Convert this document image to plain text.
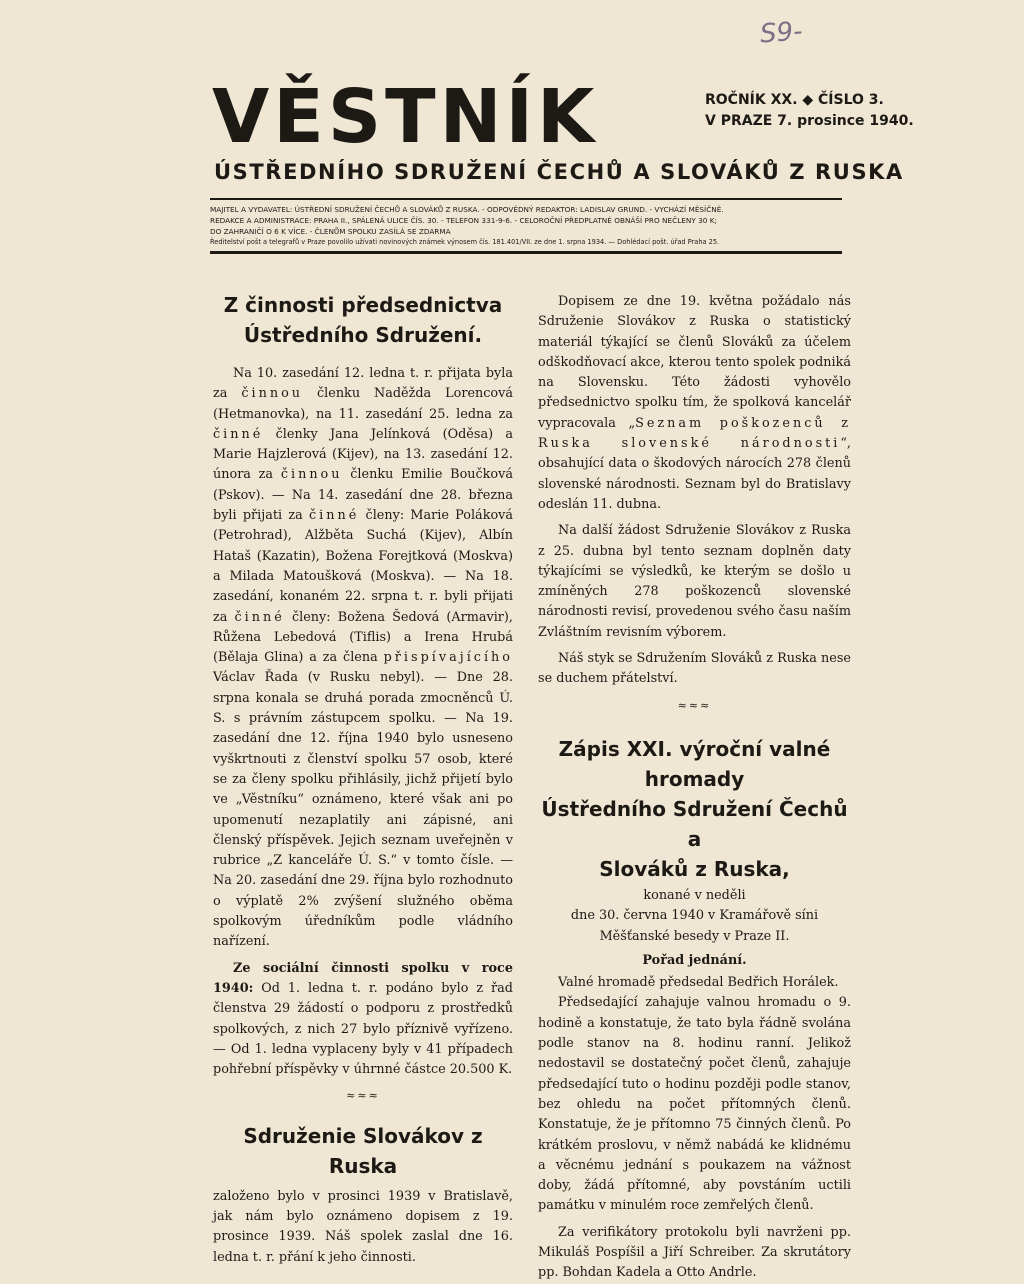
S9-
VĚSTNÍK	ROČNÍK XX. ◆ ČÍSLO 3.
V PRAZE 7. prosince 1940.
ÚSTŘEDNÍHO SDRUŽENÍ ČECHŮ A SLOVÁKŮ Z RUSKA
MAJITEL A VYDAVATEL: ÚSTŘEDNÍ SDRUŽENÍ ČECHŮ A SLOVÁKŮ Z RUSKA. - ODPOVĚDNÝ REDAKTOR: LADISLAV GRUND. - VYCHÁZÍ MĚSÍČNĚ.
REDAKCE A ADMINISTRACE: PRAHA II., SPÁLENÁ ULICE ČÍS. 30. - TELEFON 331-9-6. - CELOROČNÍ PŘEDPLATNÉ OBNÁŠÍ PRO NEČLENY 30 K;
DO ZAHRANIČÍ O 6 K VÍCE. - ČLENŮM SPOLKU ZASÍLÁ SE ZDARMA
Ředitelství pošt a telegrafů v Praze povolilo užívati novinových známek výnosem čís. 181.401/VII. ze dne 1. srpna 1934. — Dohlédací pošt. úřad Praha 25.
Z činnosti předsednictva
Ústředního Sdružení.

Na 10. zasedání 12. ledna t. r. přijata byla za činnou členku Naděžda Lorencová (Hetmanovka), na 11. zasedání 25. ledna za činné členky Jana Jelínková (Oděsa) a Marie Hajzlerová (Kijev), na 13. zasedání 12. února za činnou členku Emilie Boučková (Pskov). — Na 14. zasedání dne 28. března byli přijati za činné členy: Marie Poláková (Petrohrad), Alžběta Suchá (Kijev), Albín Hataš (Kazatin), Božena Forejtková (Moskva) a Milada Matoušková (Moskva). — Na 18. zasedání, konaném 22. srpna t. r. byli přijati za činné členy: Božena Šedová (Armavir), Růžena Lebedová (Tiflis) a Irena Hrubá (Bělaja Glina) a za člena přispívajícího Václav Řada (v Rusku nebyl). — Dne 28. srpna konala se druhá porada zmocněnců Ú. S. s právním zástupcem spolku. — Na 19. zasedání dne 12. října 1940 bylo usneseno vyškrtnouti z členství spolku 57 osob, které se za členy spolku přihlásily, jichž přijetí bylo ve „Věstníku“ oznámeno, které však ani po upomenutí nezaplatily ani zápisné, ani členský příspěvek. Jejich seznam uveřejněn v rubrice „Z kanceláře Ú. S.“ v tomto čísle. — Na 20. zasedání dne 29. října bylo rozhodnuto o výplatě 2% zvýšení služného oběma spolkovým úředníkům podle vládního nařízení.

Ze sociální činnosti spolku v roce 1940: Od 1. ledna t. r. podáno bylo z řad členstva 29 žádostí o podporu z prostředků spolkových, z nich 27 bylo příznivě vyřízeno. — Od 1. ledna vyplaceny byly v 41 případech pohřební příspěvky v úhrnné částce 20.500 K.

≈≈≈

Sdruženie Slovákov z Ruska

založeno bylo v prosinci 1939 v Bratislavě, jak nám bylo oznámeno dopisem z 19. prosince 1939. Náš spolek zaslal dne 16. ledna t. r. přání k jeho činnosti.

Dopisem ze dne 19. května požádalo nás Sdruženie Slovákov z Ruska o statistický materiál týkající se členů Slováků za účelem odškodňovací akce, kterou tento spolek podniká na Slovensku. Této žádosti vyhovělo předsednictvo spolku tím, že spolková kancelář vypracovala „Seznam poškozenců z Ruska slovenské národnosti“, obsahující data o škodových nárocích 278 členů slovenské národnosti. Seznam byl do Bratislavy odeslán 11. dubna.

Na další žádost Sdruženie Slovákov z Ruska z 25. dubna byl tento seznam doplněn daty týkajícími se výsledků, ke kterým se došlo u zmíněných 278 poškozenců slovenské národnosti revisí, provedenou svého času naším Zvláštním revisním výborem.

Náš styk se Sdružením Slováků z Ruska nese se duchem přátelství.

≈≈≈

Zápis XXI. výroční valné hromady
Ústředního Sdružení Čechů a
Slováků z Ruska,

konané v neděli

dne 30. června 1940 v Kramářově síni Měšťanské besedy v Praze II.

Pořad jednání.

Valné hromadě předsedal Bedřich Horálek.

Předsedající zahajuje valnou hromadu o 9. hodině a konstatuje, že tato byla řádně svolána podle stanov na 8. hodinu ranní. Jelikož nedostavil se dostatečný počet členů, zahajuje předsedající tuto o hodinu později podle stanov, bez ohledu na počet přítomných členů. Konstatuje, že je přítomno 75 činných členů. Po krátkém proslovu, v němž nabádá ke klidnému a věcnému jednání s poukazem na vážnost doby, žádá přítomné, aby povstáním uctili památku v minulém roce zemřelých členů.

Za verifikátory protokolu byli navrženi pp. Mikuláš Pospíšil a Jiří Schreiber. Za skrutátory pp. Bohdan Kadela a Otto Andrle.
